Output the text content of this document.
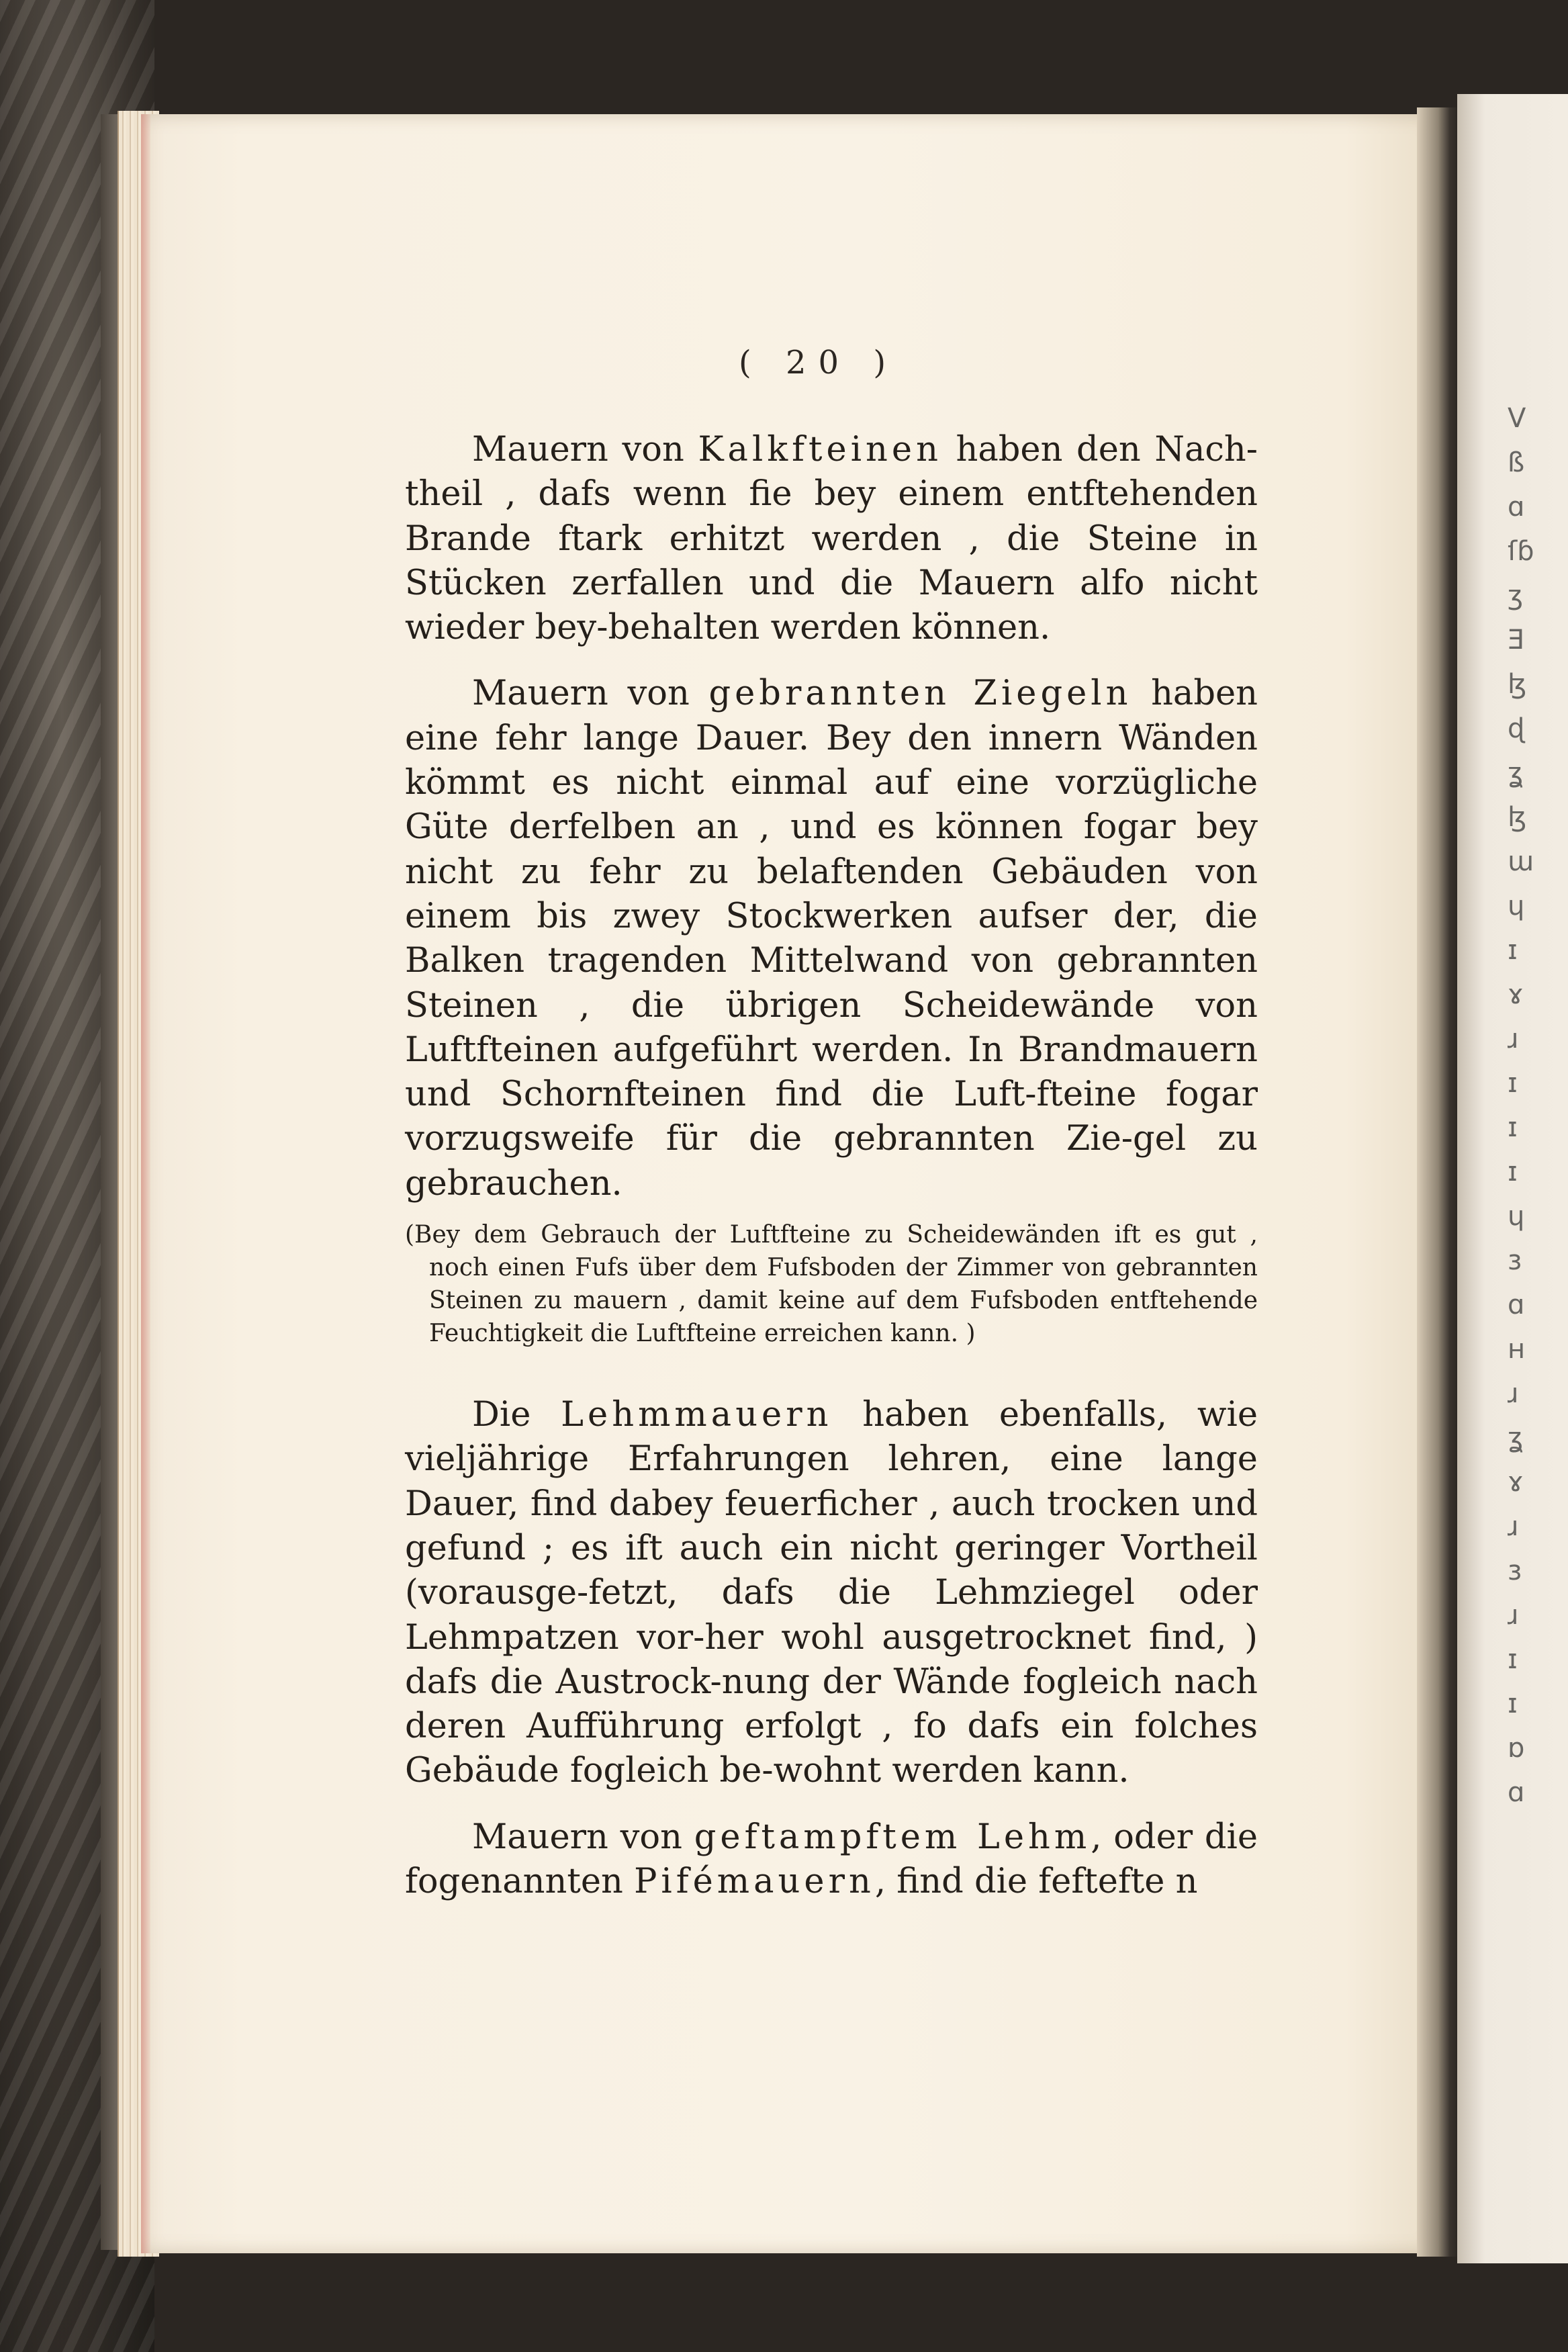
V
ß
ɑ
ſɓ
ʒ
Ǝ
ɮ
ɖ
ʓ
ɮ
ɯ
ɥ
ɪ
ɤ
ɹ
ɪ
ɪ
ɪ
ɥ
ɜ
ɑ
ʜ
ɹ
ʓ
ɤ
ɹ
ɜ
ɹ
ɪ
ɪ
ɒ
ɑ
( 20 )

Mauern von Kalkfteinen haben den Nach-theil , dafs wenn fie bey einem entftehenden Brande ftark erhitzt werden , die Steine in Stücken zerfallen und die Mauern alfo nicht wieder bey-behalten werden können.

Mauern von gebrannten Ziegeln haben eine fehr lange Dauer. Bey den innern Wänden kömmt es nicht einmal auf eine vorzügliche Güte derfelben an , und es können fogar bey nicht zu fehr zu belaftenden Gebäuden von einem bis zwey Stockwerken aufser der, die Balken tragenden Mittelwand von gebrannten Steinen , die übrigen Scheidewände von Luftfteinen aufgeführt werden. In Brandmauern und Schornfteinen find die Luft-fteine fogar vorzugsweife für die gebrannten Zie-gel zu gebrauchen.

(Bey dem Gebrauch der Luftfteine zu Scheidewänden ift es gut , noch einen Fufs über dem Fufsboden der Zimmer von gebrannten Steinen zu mauern , damit keine auf dem Fufsboden entftehende Feuchtigkeit die Luftfteine erreichen kann. )

Die Lehmmauern haben ebenfalls, wie vieljährige Erfahrungen lehren, eine lange Dauer, find dabey feuerficher , auch trocken und gefund ; es ift auch ein nicht geringer Vortheil (vorausge-fetzt, dafs die Lehmziegel oder Lehmpatzen vor-her wohl ausgetrocknet find, ) dafs die Austrock-nung der Wände fogleich nach deren Aufführung erfolgt , fo dafs ein folches Gebäude fogleich be-wohnt werden kann.

Mauern von geftampftem Lehm, oder die fogenannten Pifémauern, find die feftefte n
